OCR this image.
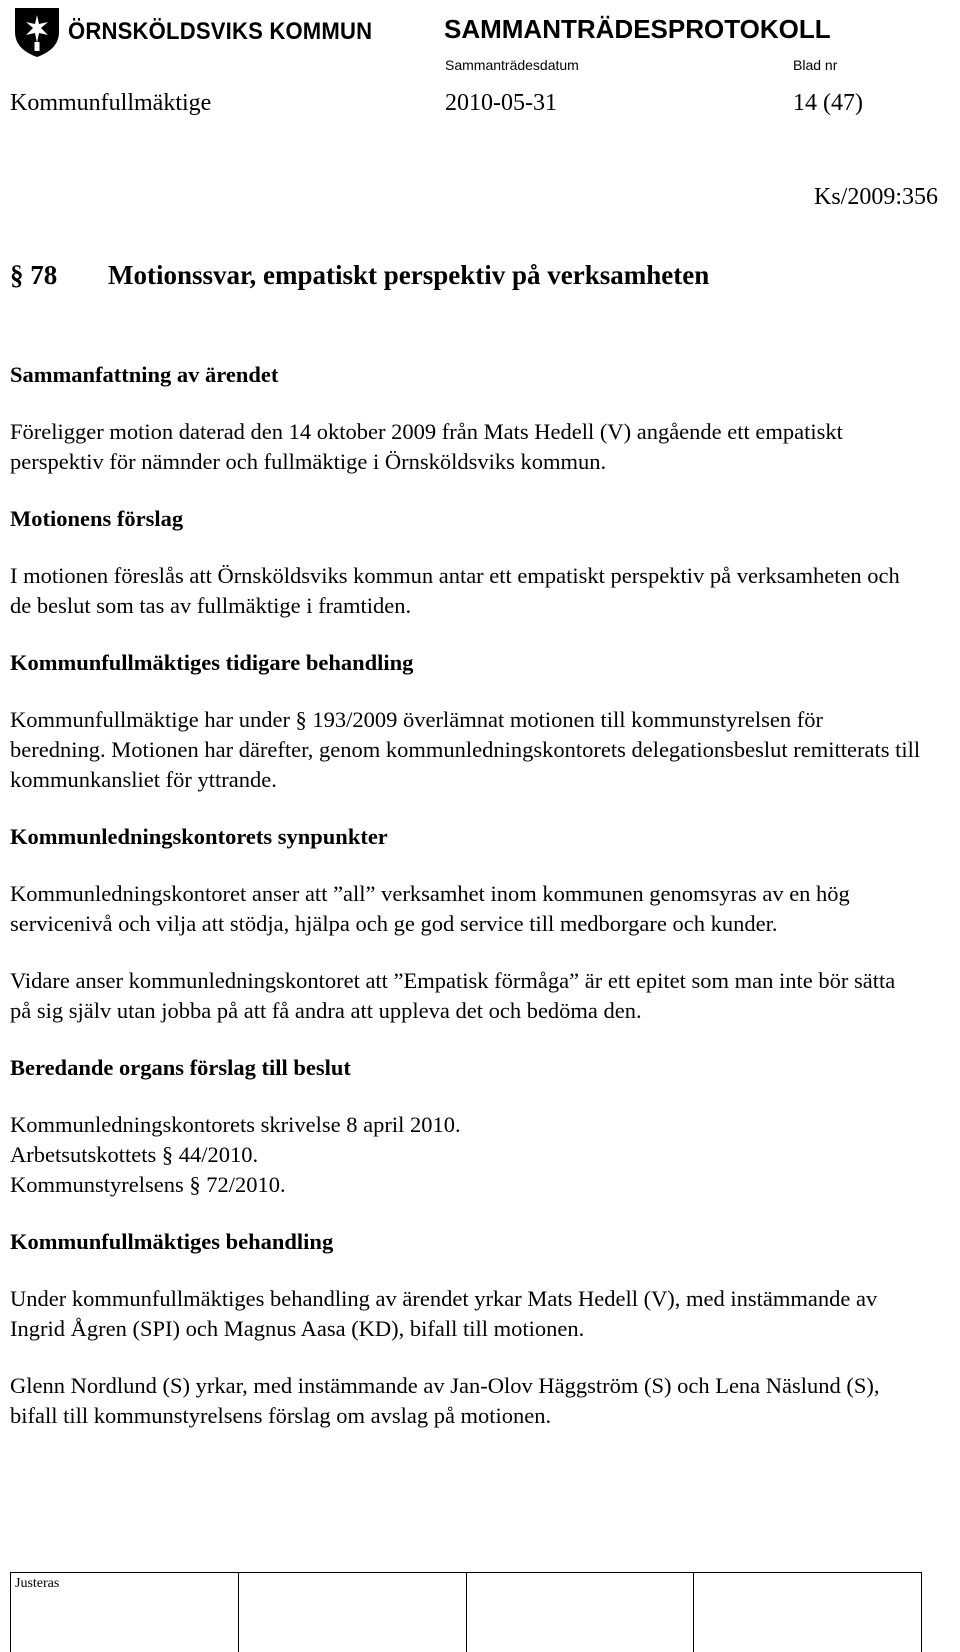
ÖRNSKÖLDSVIKS KOMMUN	SAMMANTRÄDESPROTOKOLL
Sammanträdesdatum	Blad nr
Kommunfullmäktige	2010-05-31	14 (47)
Ks/2009:356
§ 78 Motionssvar, empatiskt perspektiv på verksamheten
Sammanfattning av ärendet

Föreligger motion daterad den 14 oktober 2009 från Mats Hedell (V) angående ett empatiskt perspektiv för nämnder och fullmäktige i Örnsköldsviks kommun.

Motionens förslag

I motionen föreslås att Örnsköldsviks kommun antar ett empatiskt perspektiv på verksamheten och de beslut som tas av fullmäktige i framtiden.

Kommunfullmäktiges tidigare behandling

Kommunfullmäktige har under § 193/2009 överlämnat motionen till kommunstyrelsen för beredning. Motionen har därefter, genom kommunledningskontorets delegationsbeslut remitterats till kommunkansliet för yttrande.

Kommunledningskontorets synpunkter

Kommunledningskontoret anser att ”all” verksamhet inom kommunen genomsyras av en hög servicenivå och vilja att stödja, hjälpa och ge god service till medborgare och kunder.

Vidare anser kommunledningskontoret att ”Empatisk förmåga” är ett epitet som man inte bör sätta på sig själv utan jobba på att få andra att uppleva det och bedöma den.

Beredande organs förslag till beslut

Kommunledningskontorets skrivelse 8 april 2010.

Arbetsutskottets § 44/2010.

Kommunstyrelsens § 72/2010.

Kommunfullmäktiges behandling

Under kommunfullmäktiges behandling av ärendet yrkar Mats Hedell (V), med instämmande av Ingrid Ågren (SPI) och Magnus Aasa (KD), bifall till motionen.

Glenn Nordlund (S) yrkar, med instämmande av Jan-Olov Häggström (S) och Lena Näslund (S), bifall till kommunstyrelsens förslag om avslag på motionen.

Justeras
